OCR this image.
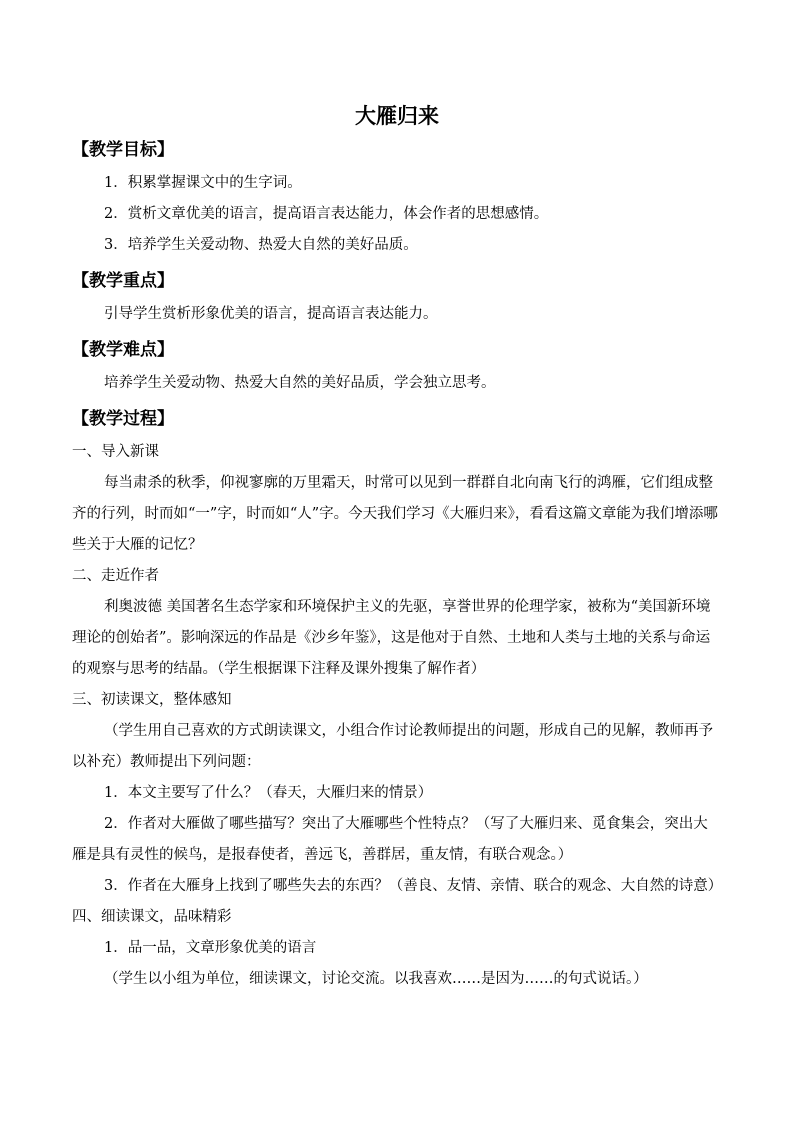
大雁归来
【教学目标】

1．积累掌握课文中的生字词。

2．赏析文章优美的语言，提高语言表达能力，体会作者的思想感情。

3．培养学生关爱动物、热爱大自然的美好品质。

【教学重点】

引导学生赏析形象优美的语言，提高语言表达能力。

【教学难点】

培养学生关爱动物、热爱大自然的美好品质，学会独立思考。

【教学过程】

一、导入新课

每当肃杀的秋季，仰视寥廓的万里霜天，时常可以见到一群群自北向南飞行的鸿雁，它们组成整齐的行列，时而如“一”字，时而如“人”字。今天我们学习《大雁归来》，看看这篇文章能为我们增添哪些关于大雁的记忆？

二、走近作者

利奥波德 美国著名生态学家和环境保护主义的先驱，享誉世界的伦理学家，被称为“美国新环境理论的创始者”。影响深远的作品是《沙乡年鉴》，这是他对于自然、土地和人类与土地的关系与命运的观察与思考的结晶。（学生根据课下注释及课外搜集了解作者）

三、初读课文，整体感知

（学生用自己喜欢的方式朗读课文，小组合作讨论教师提出的问题，形成自己的见解，教师再予以补充）教师提出下列问题：

1．本文主要写了什么？（春天，大雁归来的情景）

2．作者对大雁做了哪些描写？突出了大雁哪些个性特点？（写了大雁归来、觅食集会，突出大雁是具有灵性的候鸟，是报春使者，善远飞，善群居，重友情，有联合观念。）

3．作者在大雁身上找到了哪些失去的东西？（善良、友情、亲情、联合的观念、大自然的诗意）

四、细读课文，品味精彩

1．品一品，文章形象优美的语言

（学生以小组为单位，细读课文，讨论交流。以我喜欢……是因为……的句式说话。）
